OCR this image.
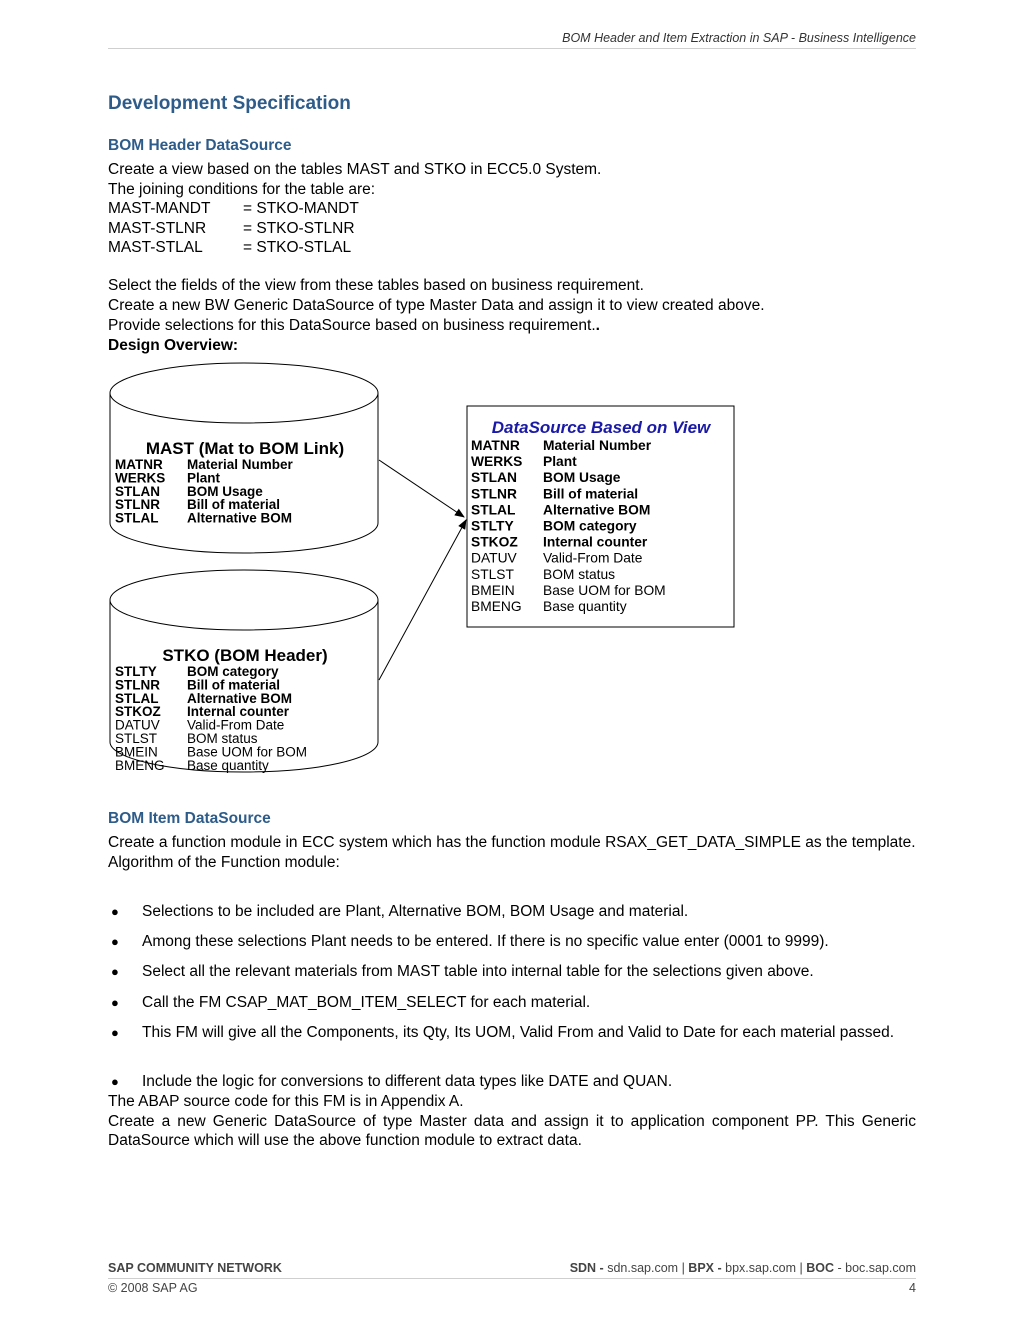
BOM Header and Item Extraction in SAP - Business Intelligence
Development Specification
BOM Header DataSource
Create a view based on the tables MAST and STKO in ECC5.0 System.
The joining conditions for the table are:
MAST-MANDT = STKO-MANDT
MAST-STLNR = STKO-STLNR
MAST-STLAL	= STKO-STLAL
Select the fields of the view from these tables based on business requirement.
Create a new BW Generic DataSource of type Master Data and assign it to view created above.
Provide selections for this DataSource based on business requirement..
Design Overview:
MAST (Mat to BOM Link)
MATNR Material Number
WERKS Plant
STLAN BOM Usage
STLNR Bill of material
STLAL Alternative BOM
STKO (BOM Header)
STLTY BOM category
STLNR Bill of material
STLAL Alternative BOM
STKOZ Internal counter
DATUV Valid-From Date
STLST BOM status
BMEIN Base UOM for BOM
BMENG Base quantity
DataSource Based on View
MATNR Material Number
WERKS Plant
STLAN BOM Usage
STLNR Bill of material
STLAL Alternative BOM
STLTY BOM category
STKOZ Internal counter
DATUV Valid-From Date
STLST BOM status
BMEIN Base UOM for BOM
BMENG Base quantity
BOM Item DataSource
Create a function module in ECC system which has the function module RSAX_GET_DATA_SIMPLE as the template.
Algorithm of the Function module:
●	Selections to be included are Plant, Alternative BOM, BOM Usage and material.
●	Among these selections Plant needs to be entered. If there is no specific value enter (0001 to 9999).
●	Select all the relevant materials from MAST table into internal table for the selections given above.
●	Call the FM CSAP_MAT_BOM_ITEM_SELECT for each material.
●	This FM will give all the Components, its Qty, Its UOM, Valid From and Valid to Date for each material passed.
●	Include the logic for conversions to different data types like DATE and QUAN.
The ABAP source code for this FM is in Appendix A.
Create a new Generic DataSource of type Master data and assign it to application component PP. This Generic DataSource which will use the above function module to extract data.
SAP COMMUNITY NETWORK	SDN - sdn.sap.com | BPX - bpx.sap.com | BOC - boc.sap.com
© 2008 SAP AG	4
